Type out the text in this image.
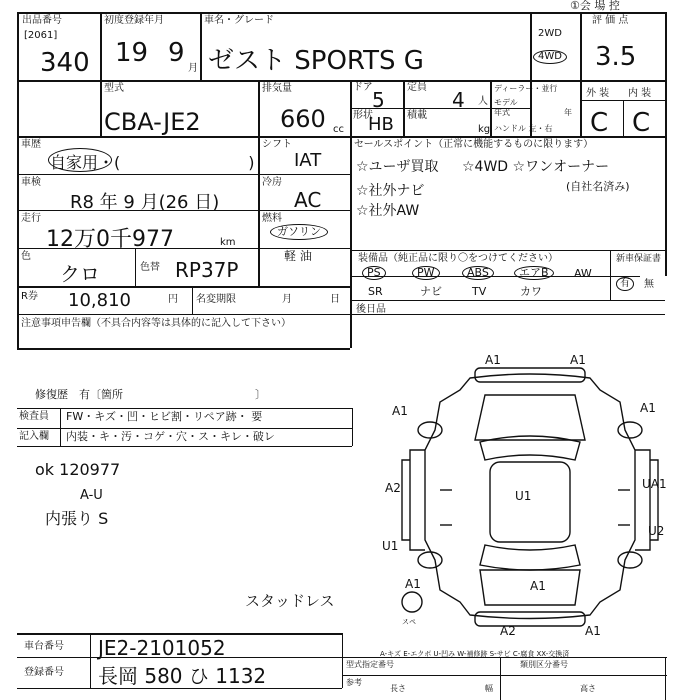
①会 場 控
出品番号
[2061]
340
初度登録年月
19 9
月
車名・グレード
ゼスト SPORTS G
2WD
4WD
評 価 点
3.5
外 装 内 装
C C
型式
CBA-JE2
排気量
660 cc
ドア
5
形状
HB
定員
4 人
積載
kg
ディーラー・並行
モデル 年式	年
ハンドル 左・右
車歴
自家用・(　　　　　　　　)
シフト
IAT
車検
R8 年 9 月(26 日)
冷房
AC
走行
12万0千977	km
燃料
ガソリン
軽 油
色
クロ	色替 RP37P
R券 10,810	円 名変期限	月	日
注意事項申告欄（不具合内容等は具体的に記入して下さい）
修復歴　有〔箇所　　　　　　　　　　　　〕
セールスポイント（正常に機能するものに限ります）
☆ユーザ買取 ☆4WD ☆ワンオーナー
(自社名済み)
☆社外ナビ
☆社外AW
装備品（純正品に限り〇をつけてください）	新車保証書
有	無
PS	PW	ABS	エアB	AW
SR	ナビ	TV	カワ
後日品
検査員 FW・キズ・凹・ヒビ割・リペア跡・ 要
記入欄 内装・キ・汚・コゲ・穴・ス・キレ・破レ
ok 120977
A-U
内張り S
スタッドレス
A1	A1
A1	A1
A2
U1
UA1
U1
U2
A1
A1
A2	A1
スペ
A-キズ E-エクボ U-凹み W-補修跡 S-サビ C-腐食 XX-交換済
車台番号 JE2-2101052
登録番号 長岡 580 ひ 1132	型式指定番号	類別区分番号
参考
長さ	幅	高さ
